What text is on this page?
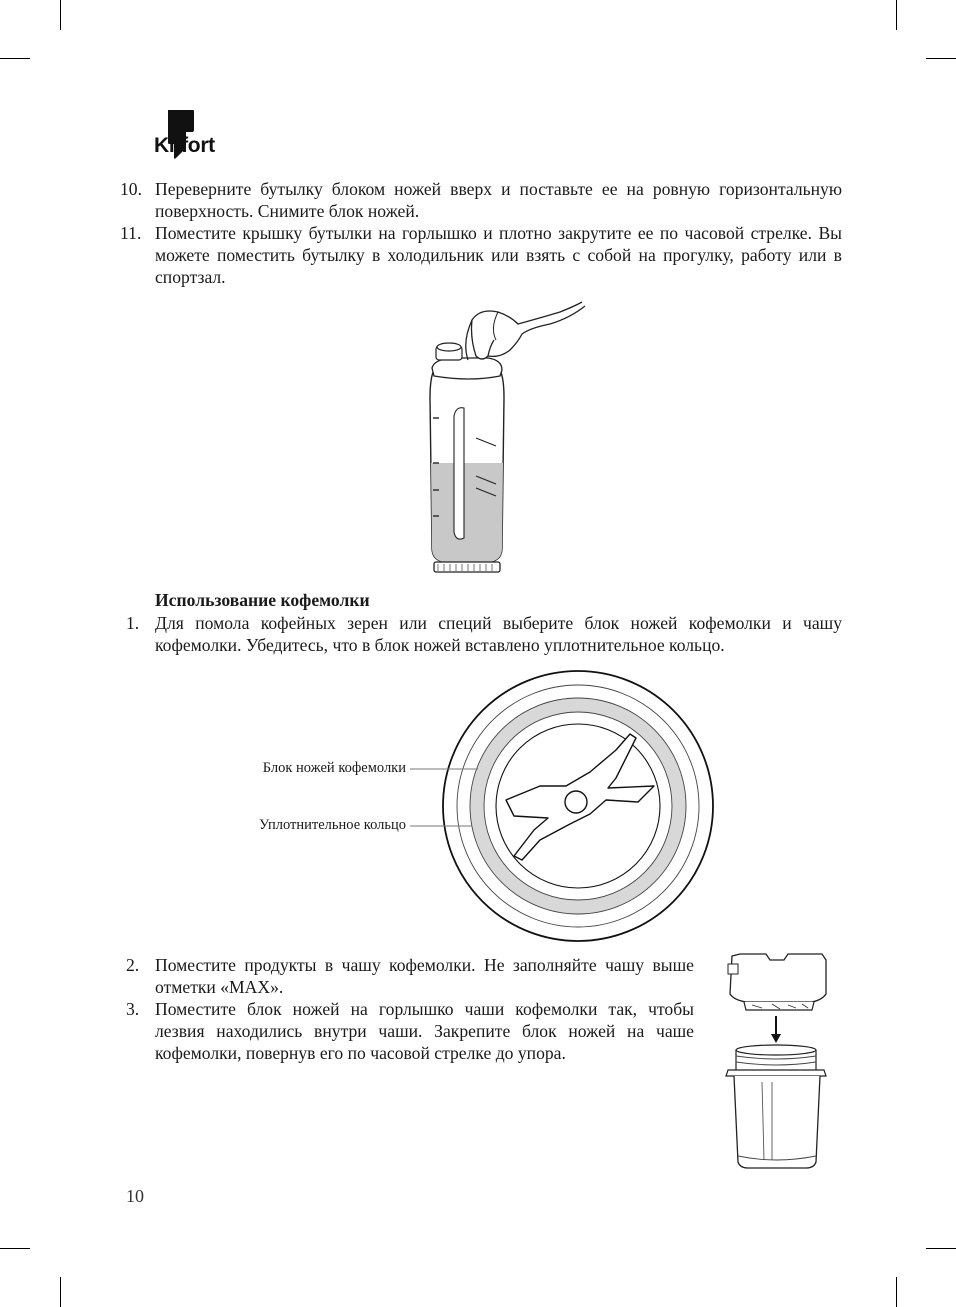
Kitfort
10. Переверните бутылку блоком ножей вверх и поставьте ее на ровную горизонтальную поверхность. Снимите блок ножей.
11. Поместите крышку бутылки на горлышко и плотно закрутите ее по часовой стрелке. Вы можете поместить бутылку в холодильник или взять с собой на прогулку, работу или в спортзал.
Использование кофемолки
1. Для помола кофейных зерен или специй выберите блок ножей кофемолки и чашу кофемолки. Убедитесь, что в блок ножей вставлено уплотнительное кольцо.
Блок ножей кофемолки
Уплотнительное кольцо
2. Поместите продукты в чашу кофемолки. Не заполняйте чашу выше отметки «MAX».
3. Поместите блок ножей на горлышко чаши кофемолки так, чтобы лезвия находились внутри чаши. Закрепите блок ножей на чаше кофемолки, повернув его по часовой стрелке до упора.
10
